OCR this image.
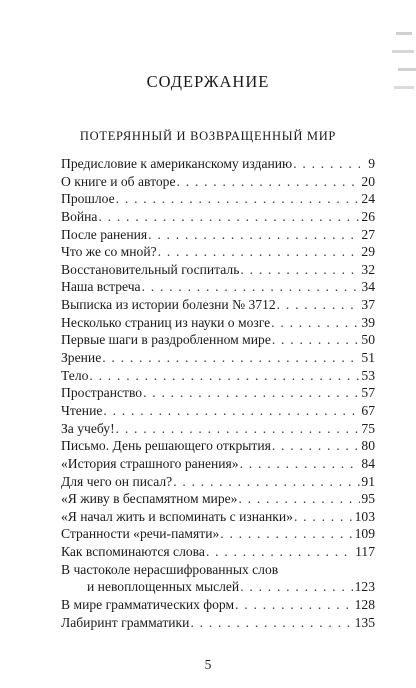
СОДЕРЖАНИЕ
ПОТЕРЯННЫЙ И ВОЗВРАЩЕННЫЙ МИР
Предисловие к американскому изданию . . .	9
О книге и об авторе . . .	20
Прошлое . . .	24
Война . . .	26
После ранения . . .	27
Что же со мной? . . .	29
Восстановительный госпиталь . . .	32
Наша встреча . . .	34
Выписка из истории болезни № 3712 . . .	37
Несколько страниц из науки о мозге . . .	39
Первые шаги в раздробленном мире . . .	50
Зрение . . .	51
Тело . . .	53
Пространство . . .	57
Чтение . . .	67
За учебу! . . .	75
Письмо. День решающего открытия . . .	80
«История страшного ранения» . . .	84
Для чего он писал? . . .	91
«Я живу в беспамятном мире» . . .	95
«Я начал жить и вспоминать с изнанки» . . .	103
Странности «речи-памяти» . . .	109
Как вспоминаются слова . . .	117
В частоколе нерасшифрованных слов
и невоплощенных мыслей . . .	123
В мире грамматических форм . . .	128
Лабиринт грамматики . . .	135
5
